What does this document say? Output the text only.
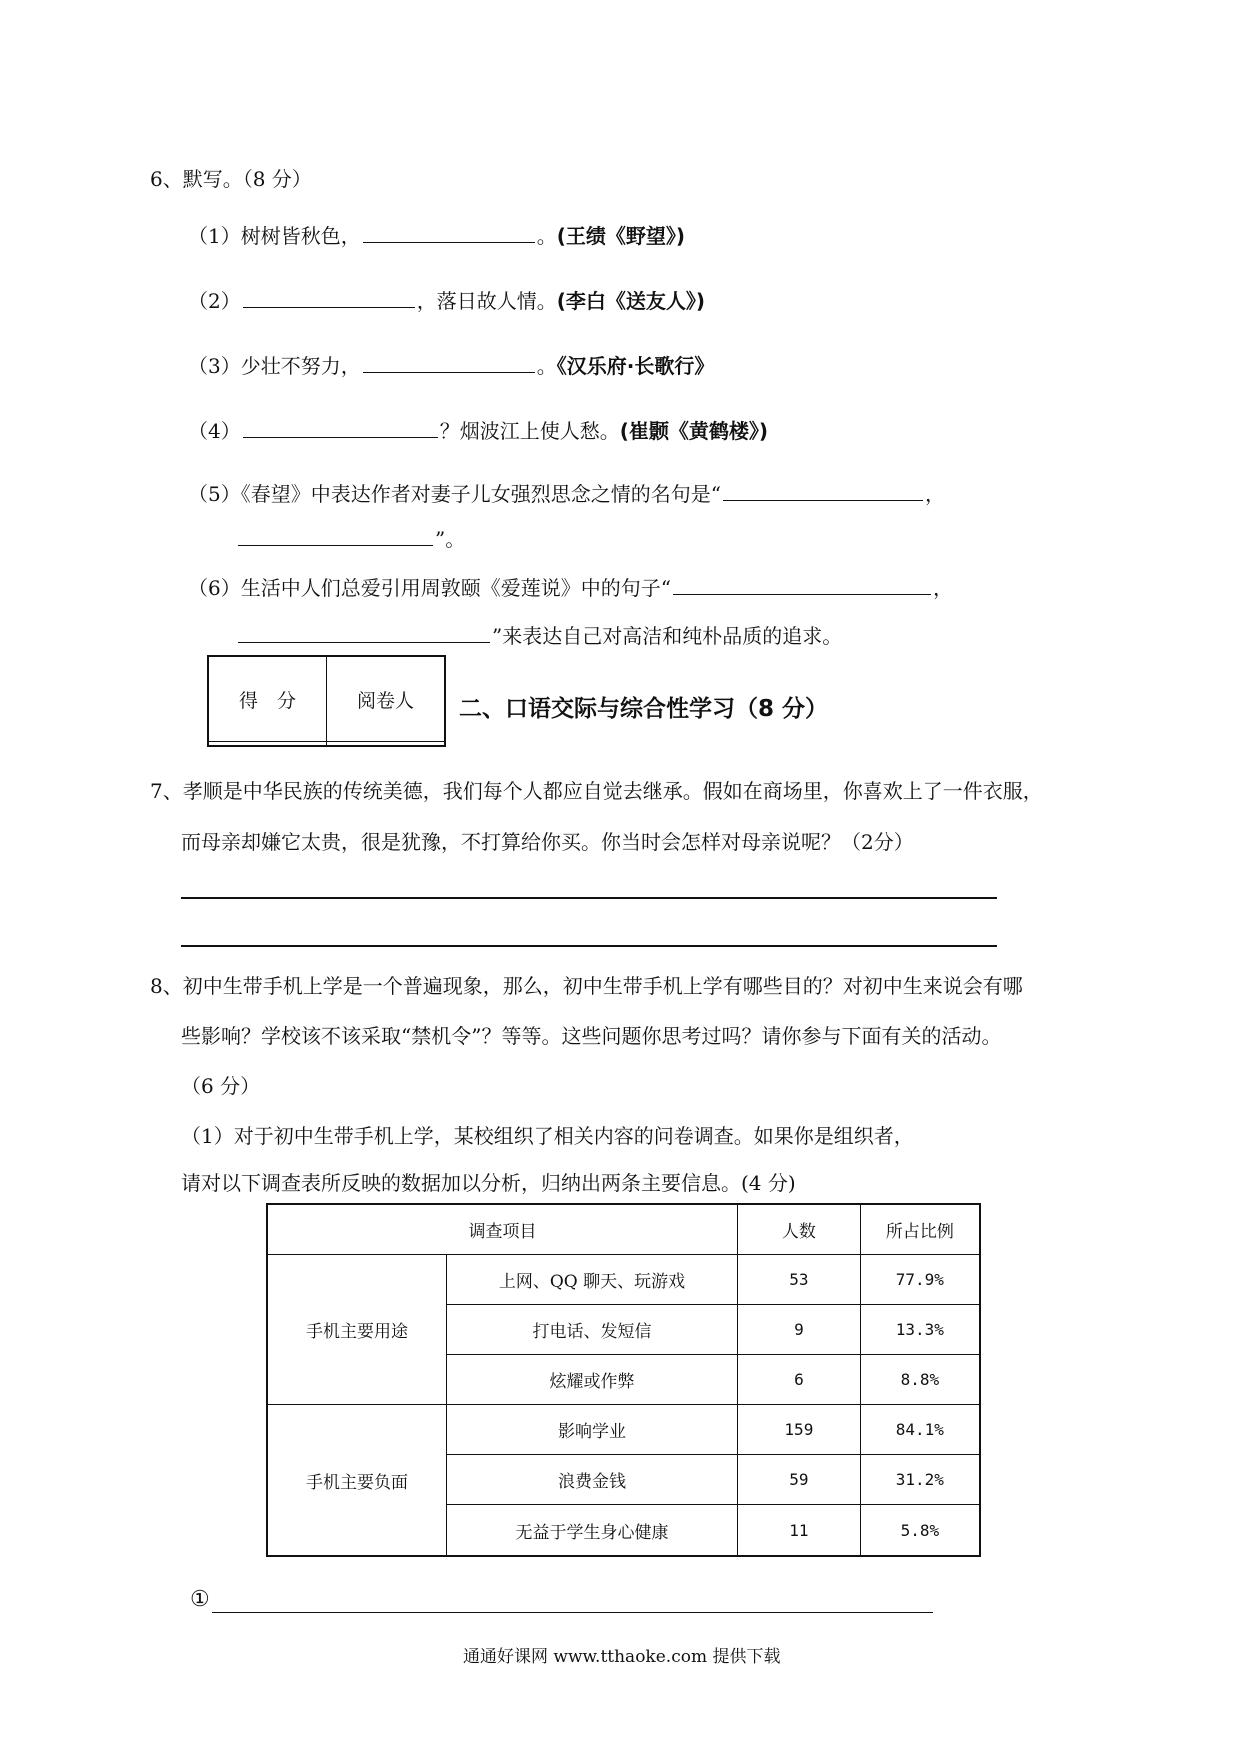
6、默写。（8 分）
（1）树树皆秋色，	。(王绩《野望》)
（2）	，落日故人情。(李白《送友人》)
（3）少壮不努力，	。《汉乐府·长歌行》
（4）	？烟波江上使人愁。(崔颢《黄鹤楼》)
（5）《春望》中表达作者对妻子儿女强烈思念之情的名句是“	，
”。
（6）生活中人们总爱引用周敦颐《爱莲说》中的句子“	，
”来表达自己对高洁和纯朴品质的追求。
得　分	阅卷人
	二、口语交际与综合性学习（8 分）
7、孝顺是中华民族的传统美德，我们每个人都应自觉去继承。假如在商场里，你喜欢上了一件衣服，
而母亲却嫌它太贵，很是犹豫，不打算给你买。你当时会怎样对母亲说呢？（2分）
8、初中生带手机上学是一个普遍现象，那么，初中生带手机上学有哪些目的？对初中生来说会有哪
些影响？学校该不该采取“禁机令”？等等。这些问题你思考过吗？请你参与下面有关的活动。
（6 分）
（1）对于初中生带手机上学，某校组织了相关内容的问卷调查。如果你是组织者，
请对以下调查表所反映的数据加以分析，归纳出两条主要信息。(4 分)
调查项目		人数	所占比例
手机主要用途	上网、QQ 聊天、玩游戏	53	77.9%
	打电话、发短信	9	13.3%
	炫耀或作弊	6	8.8%
手机主要负面	影响学业	159	84.1%
	浪费金钱	59	31.2%
	无益于学生身心健康	11	5.8%
①
通通好课网 www.tthaoke.com 提供下载
